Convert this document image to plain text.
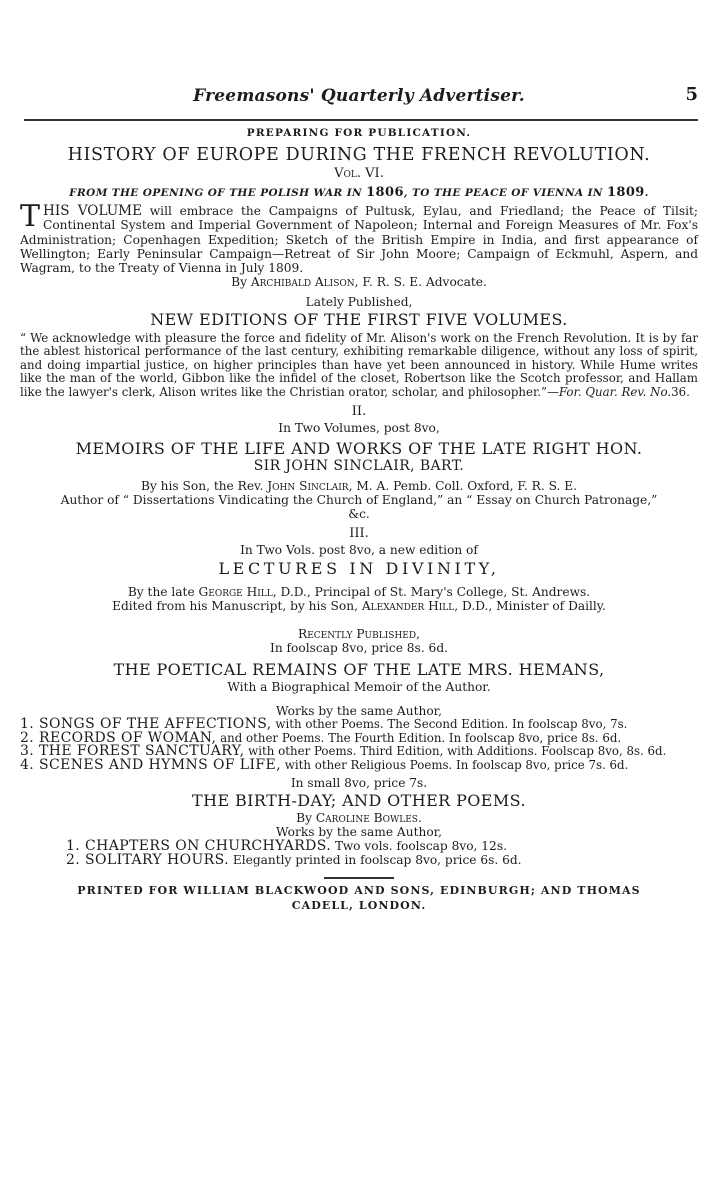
Freemasons' Quarterly Advertiser.	5
PREPARING FOR PUBLICATION.
HISTORY OF EUROPE DURING THE FRENCH REVOLUTION.
Vol. VI.
FROM THE OPENING OF THE POLISH WAR IN 1806, TO THE PEACE OF VIENNA IN 1809.
THIS VOLUME will embrace the Campaigns of Pultusk, Eylau, and Friedland; the Peace of Tilsit; Continental System and Imperial Government of Napoleon; Internal and Foreign Measures of Mr. Fox's Administration; Copenhagen Expedition; Sketch of the British Empire in India, and first appearance of Wellington; Early Peninsular Campaign—Retreat of Sir John Moore; Campaign of Eckmuhl, Aspern, and Wagram, to the Treaty of Vienna in July 1809.
By Archibald Alison, F. R. S. E. Advocate.
Lately Published,
NEW EDITIONS OF THE FIRST FIVE VOLUMES.
“ We acknowledge with pleasure the force and fidelity of Mr. Alison's work on the French Revolution. It is by far the ablest historical performance of the last century, exhibiting remarkable diligence, without any loss of spirit, and doing impartial justice, on higher principles than have yet been announced in history. While Hume writes like the man of the world, Gibbon like the infidel of the closet, Robertson like the Scotch professor, and Hallam like the lawyer's clerk, Alison writes like the Christian orator, scholar, and philosopher.”—For. Quar. Rev. No.36.
II.
In Two Volumes, post 8vo,
MEMOIRS OF THE LIFE AND WORKS OF THE LATE RIGHT HON.
SIR JOHN SINCLAIR, BART.
By his Son, the Rev. John Sinclair, M. A. Pemb. Coll. Oxford, F. R. S. E.
Author of “ Dissertations Vindicating the Church of England,” an “ Essay on Church Patronage,” &c.
III.
In Two Vols. post 8vo, a new edition of
LECTURES IN DIVINITY,
By the late George Hill, D.D., Principal of St. Mary's College, St. Andrews.
Edited from his Manuscript, by his Son, Alexander Hill, D.D., Minister of Dailly.
Recently Published,
In foolscap 8vo, price 8s. 6d.
THE POETICAL REMAINS OF THE LATE MRS. HEMANS,
With a Biographical Memoir of the Author.
Works by the same Author,
1. SONGS OF THE AFFECTIONS, with other Poems. The Second Edition. In foolscap 8vo, 7s.
2. RECORDS OF WOMAN, and other Poems. The Fourth Edition. In foolscap 8vo, price 8s. 6d.
3. THE FOREST SANCTUARY, with other Poems. Third Edition, with Additions. Foolscap 8vo, 8s. 6d.
4. SCENES AND HYMNS OF LIFE, with other Religious Poems. In foolscap 8vo, price 7s. 6d.
In small 8vo, price 7s.
THE BIRTH-DAY; AND OTHER POEMS.
By Caroline Bowles.
Works by the same Author,
1. CHAPTERS ON CHURCHYARDS. Two vols. foolscap 8vo, 12s.
2. SOLITARY HOURS. Elegantly printed in foolscap 8vo, price 6s. 6d.
PRINTED FOR WILLIAM BLACKWOOD AND SONS, EDINBURGH; AND THOMAS
CADELL, LONDON.
